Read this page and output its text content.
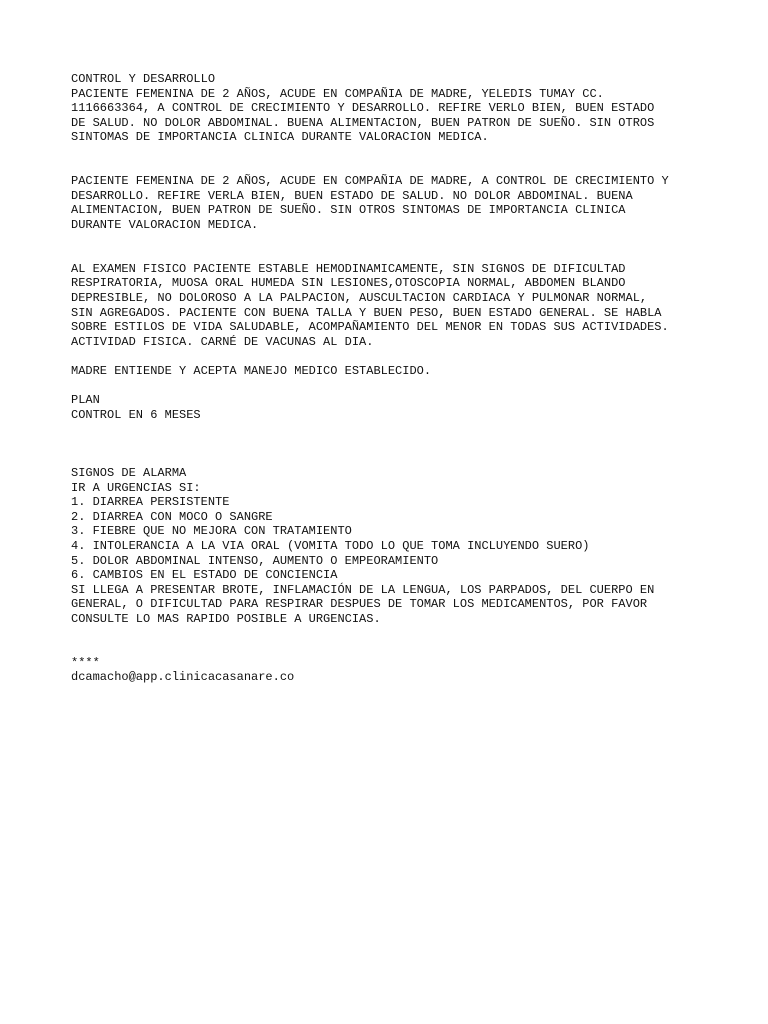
CONTROL Y DESARROLLO
PACIENTE FEMENINA DE 2 AÑOS, ACUDE EN COMPAÑIA DE MADRE, YELEDIS TUMAY CC.
1116663364, A CONTROL DE CRECIMIENTO Y DESARROLLO. REFIRE VERLO BIEN, BUEN ESTADO
DE SALUD. NO DOLOR ABDOMINAL. BUENA ALIMENTACION, BUEN PATRON DE SUEÑO. SIN OTROS
SINTOMAS DE IMPORTANCIA CLINICA DURANTE VALORACION MEDICA.
PACIENTE FEMENINA DE 2 AÑOS, ACUDE EN COMPAÑIA DE MADRE, A CONTROL DE CRECIMIENTO Y
DESARROLLO. REFIRE VERLA BIEN, BUEN ESTADO DE SALUD. NO DOLOR ABDOMINAL. BUENA
ALIMENTACION, BUEN PATRON DE SUEÑO. SIN OTROS SINTOMAS DE IMPORTANCIA CLINICA
DURANTE VALORACION MEDICA.
AL EXAMEN FISICO PACIENTE ESTABLE HEMODINAMICAMENTE, SIN SIGNOS DE DIFICULTAD
RESPIRATORIA, MUOSA ORAL HUMEDA SIN LESIONES,OTOSCOPIA NORMAL, ABDOMEN BLANDO
DEPRESIBLE, NO DOLOROSO A LA PALPACION, AUSCULTACION CARDIACA Y PULMONAR NORMAL,
SIN AGREGADOS. PACIENTE CON BUENA TALLA Y BUEN PESO, BUEN ESTADO GENERAL. SE HABLA
SOBRE ESTILOS DE VIDA SALUDABLE, ACOMPAÑAMIENTO DEL MENOR EN TODAS SUS ACTIVIDADES.
ACTIVIDAD FISICA. CARNÉ DE VACUNAS AL DIA.
MADRE ENTIENDE Y ACEPTA MANEJO MEDICO ESTABLECIDO.
PLAN
CONTROL EN 6 MESES
SIGNOS DE ALARMA
IR A URGENCIAS SI:
1. DIARREA PERSISTENTE
2. DIARREA CON MOCO O SANGRE
3. FIEBRE QUE NO MEJORA CON TRATAMIENTO
4. INTOLERANCIA A LA VIA ORAL (VOMITA TODO LO QUE TOMA INCLUYENDO SUERO)
5. DOLOR ABDOMINAL INTENSO, AUMENTO O EMPEORAMIENTO
6. CAMBIOS EN EL ESTADO DE CONCIENCIA
SI LLEGA A PRESENTAR BROTE, INFLAMACIÓN DE LA LENGUA, LOS PARPADOS, DEL CUERPO EN
GENERAL, O DIFICULTAD PARA RESPIRAR DESPUES DE TOMAR LOS MEDICAMENTOS, POR FAVOR
CONSULTE LO MAS RAPIDO POSIBLE A URGENCIAS.
****
dcamacho@app.clinicacasanare.co
